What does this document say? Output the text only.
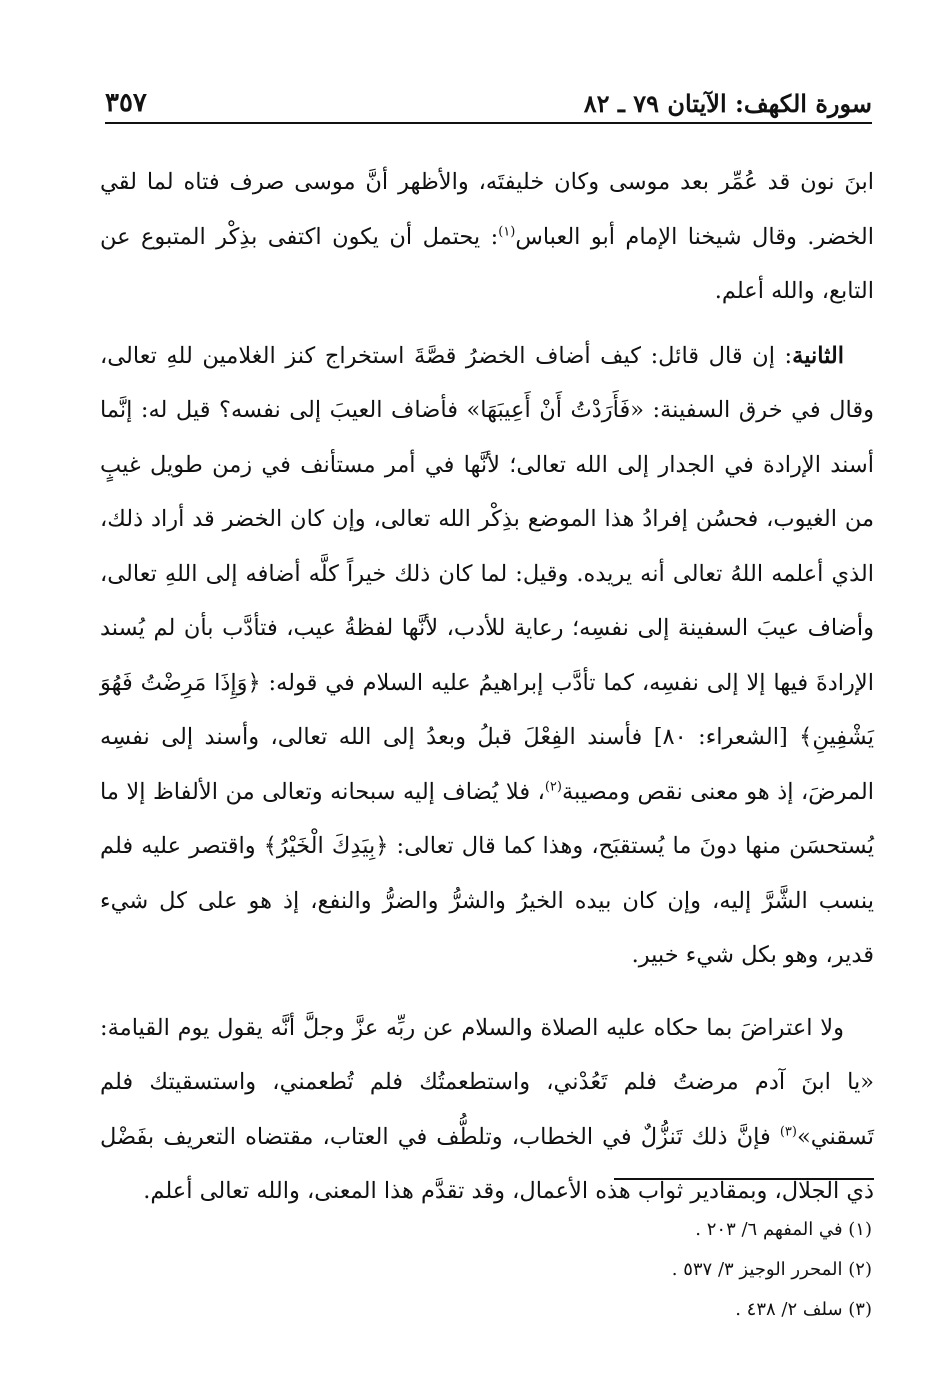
سورة الكهف: الآيتان ٧٩ ـ ٨٢
٣٥٧

ابنَ نون قد عُمِّر بعد موسى وكان خليفتَه، والأظهر أنَّ موسى صرف فتاه لما لقي الخضر. وقال شيخنا الإمام أبو العباس$^{(١)}$: يحتمل أن يكون اكتفى بذِكْر المتبوع عن التابع، والله أعلم.

الثانية: إن قال قائل: كيف أضاف الخضرُ قصَّةَ استخراج كنز الغلامين للهِ تعالى، وقال في خرق السفينة: «فَأَرَدْتُ أَنْ أَعِيبَهَا» فأضاف العيبَ إلى نفسه؟ قيل له: إنَّما أسند الإرادة في الجدار إلى الله تعالى؛ لأنَّها في أمر مستأنف في زمن طويل غيبٍ من الغيوب، فحسُن إفرادُ هذا الموضع بذِكْر الله تعالى، وإن كان الخضر قد أراد ذلك، الذي أعلمه اللهُ تعالى أنه يريده. وقيل: لما كان ذلك خيراً كلَّه أضافه إلى اللهِ تعالى، وأضاف عيبَ السفينة إلى نفسِه؛ رعاية للأدب، لأنَّها لفظةُ عيب، فتأدَّب بأن لم يُسند الإرادةَ فيها إلا إلى نفسِه، كما تأدَّب إبراهيمُ عليه السلام في قوله: ﴿وَإِذَا مَرِضْتُ فَهُوَ يَشْفِينِ﴾ [الشعراء: ٨٠] فأسند الفِعْلَ قبلُ وبعدُ إلى الله تعالى، وأسند إلى نفسِه المرضَ، إذ هو معنى نقص ومصيبة$^{(٢)}$، فلا يُضاف إليه سبحانه وتعالى من الألفاظ إلا ما يُستحسَن منها دونَ ما يُستقبَح، وهذا كما قال تعالى: ﴿بِيَدِكَ الْخَيْرُ﴾ واقتصر عليه فلم ينسب الشَّرَّ إليه، وإن كان بيده الخيرُ والشرُّ والضرُّ والنفع، إذ هو على كل شيء قدير، وهو بكل شيء خبير.

ولا اعتراضَ بما حكاه عليه الصلاة والسلام عن ربِّه عزَّ وجلَّ أنَّه يقول يوم القيامة: «يا ابنَ آدم مرضتُ فلم تَعُدْني، واستطعمتُك فلم تُطعمني، واستسقيتك فلم تَسقني»$^{(٣)}$ فإنَّ ذلك تَنزُّلٌ في الخطاب، وتلطُّف في العتاب، مقتضاه التعريف بفَضْل ذي الجلال، وبمقادير ثواب هذه الأعمال، وقد تقدَّم هذا المعنى، والله تعالى أعلم.

(١) في المفهم ٦/ ٢٠٣ .
(٢) المحرر الوجيز ٣/ ٥٣٧ .
(٣) سلف ٢/ ٤٣٨ .
